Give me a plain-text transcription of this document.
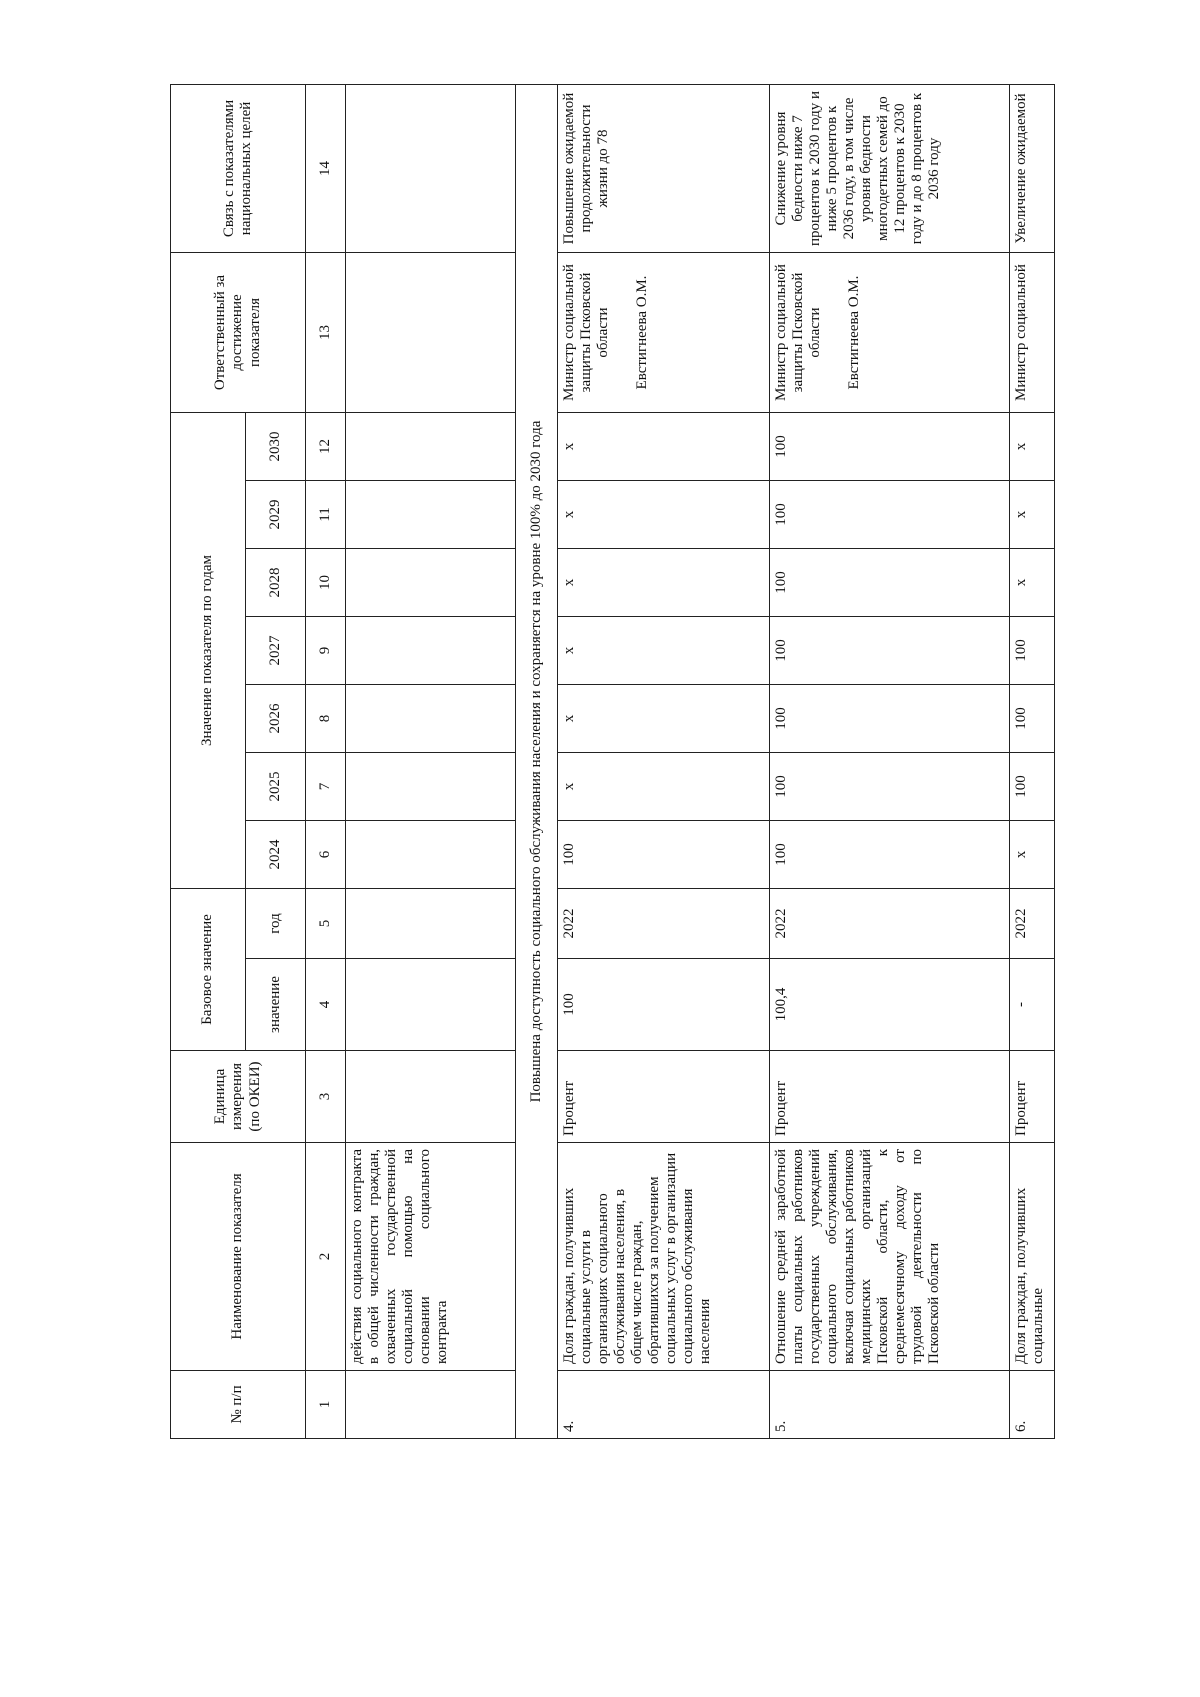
№ п/п	Наименование показателя	Единица измерения (по ОКЕИ)	Базовое значение		Значение показателя по годам							Ответственный за достижение показателя	Связь с показателями национальных целей
			значение	год	2024	2025	2026	2027	2028	2029	2030		
1	2	3	4	5	6	7	8	9	10	11	12	13	14
	действия социального контракта в общей численности граждан, охваченных государственной социальной помощью на основании социального контракта												
Повышена доступность социального обслуживания населения и сохраняется на уровне 100% до 2030 года													
4.	Доля граждан, получивших социальные услуги в организациях социального обслуживания населения, в общем числе граждан, обратившихся за получением социальных услуг в организации социального обслуживания населения	Процент	100	2022	100	x	x	x	x	x	x	Министр социальной защиты Псковской области Евстигнеева О.М.	Повышение ожидаемой продолжительности жизни до 78
5.	Отношение средней заработной платы социальных работников государственных учреждений социального обслуживания, включая социальных работников медицинских организаций Псковской области, к среднемесячному доходу от трудовой деятельности по Псковской области	Процент	100,4	2022	100	100	100	100	100	100	100	Министр социальной защиты Псковской области Евстигнеева О.М.	Снижение уровня бедности ниже 7 процентов к 2030 году и ниже 5 процентов к 2036 году, в том числе уровня бедности многодетных семей до 12 процентов к 2030 году и до 8 процентов к 2036 году
6.	Доля граждан, получивших социальные	Процент	-	2022	x	100	100	100	x	x	x	Министр социальной	Увеличение ожидаемой
